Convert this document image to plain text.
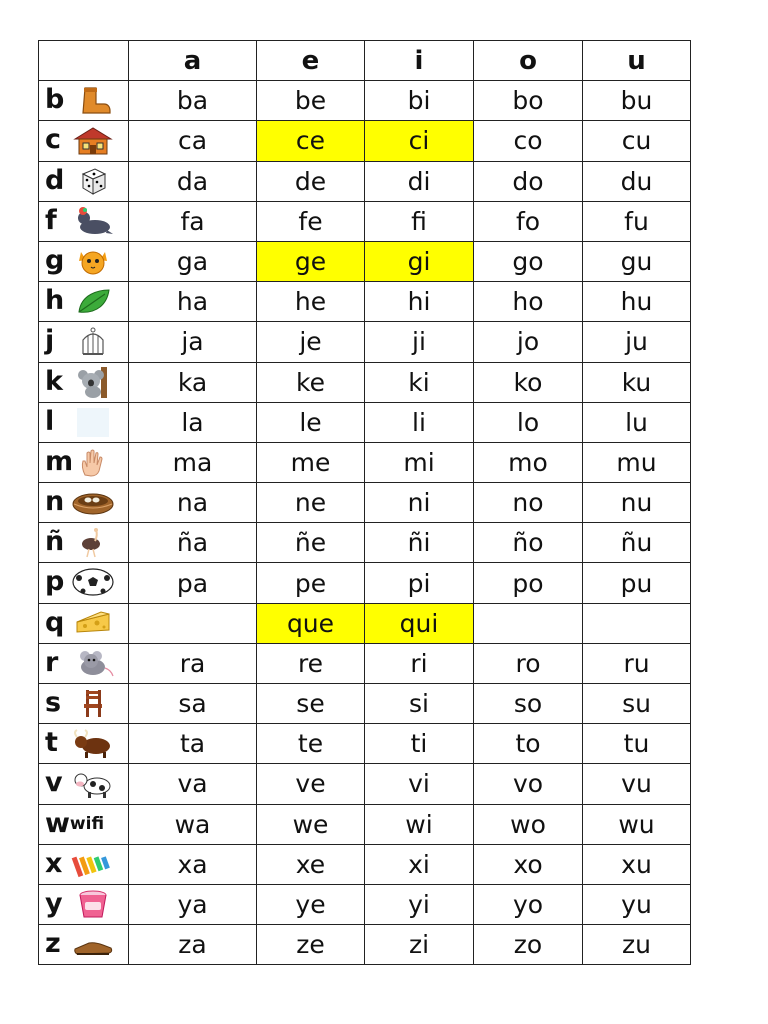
	a	e	i	o	u

b	ba	be	bi	bo	bu

c	ca	ce	ci	co	cu

d	da	de	di	do	du

f	fa	fe	fi	fo	fu

g	ga	ge	gi	go	gu

h	ha	he	hi	ho	hu

j	ja	je	ji	jo	ju

k	ka	ke	ki	ko	ku

l	la	le	li	lo	lu

m	ma	me	mi	mo	mu

n	na	ne	ni	no	nu

ñ	ña	ñe	ñi	ño	ñu

p	pa	pe	pi	po	pu

q		que	qui		

r	ra	re	ri	ro	ru

s	sa	se	si	so	su

t	ta	te	ti	to	tu

v	va	ve	vi	vo	vu

w wifi	wa	we	wi	wo	wu

x	xa	xe	xi	xo	xu

y	ya	ye	yi	yo	yu

z	za	ze	zi	zo	zu
